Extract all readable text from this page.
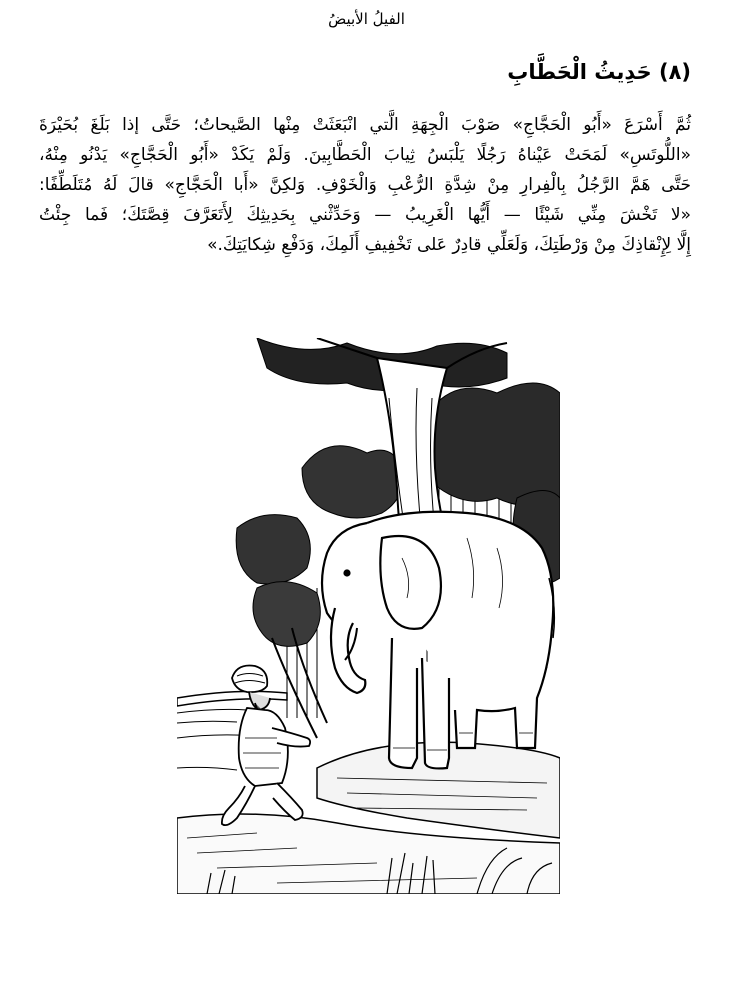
الفيلُ الأبيضُ
(٨) حَدِيثُ الْحَطَّابِ
ثُمَّ أَسْرَعَ «أَبُو الْحَجَّاجِ» صَوْبَ الْجِهَةِ الَّتي انْبَعَثَتْ مِنْها الصَّيحاتُ؛ حَتَّى إذا بَلَغَ بُحَيْرَةَ
«اللُّوتَسِ» لَمَحَتْ عَيْناهُ رَجُلًا يَلْبَسُ ثِيابَ الْحَطَّابِينَ. وَلَمْ يَكَدْ «أَبُو الْحَجَّاجِ» يَدْنُو مِنْهُ،
حَتَّى هَمَّ الرَّجُلُ بِالْفِرارِ مِنْ شِدَّةِ الرُّعْبِ وَالْخَوْفِ. وَلكِنَّ «أَبا الْحَجَّاجِ» قالَ لَهُ مُتَلَطِّفًا:
«لا تَخْشَ مِنِّي شَيْئًا — أَيُّها الْغَرِيبُ — وَحَدِّثْني بِحَدِيثِكَ لِأَتَعَرَّفَ قِصَّتَكَ؛ فَما جِئْتُ
إِلَّا لِإِنْقاذِكَ مِنْ وَرْطَتِكَ، وَلَعَلِّي قادِرٌ عَلى تَخْفِيفِ أَلَمِكَ، وَدَفْعِ شِكايَتِكَ.»
